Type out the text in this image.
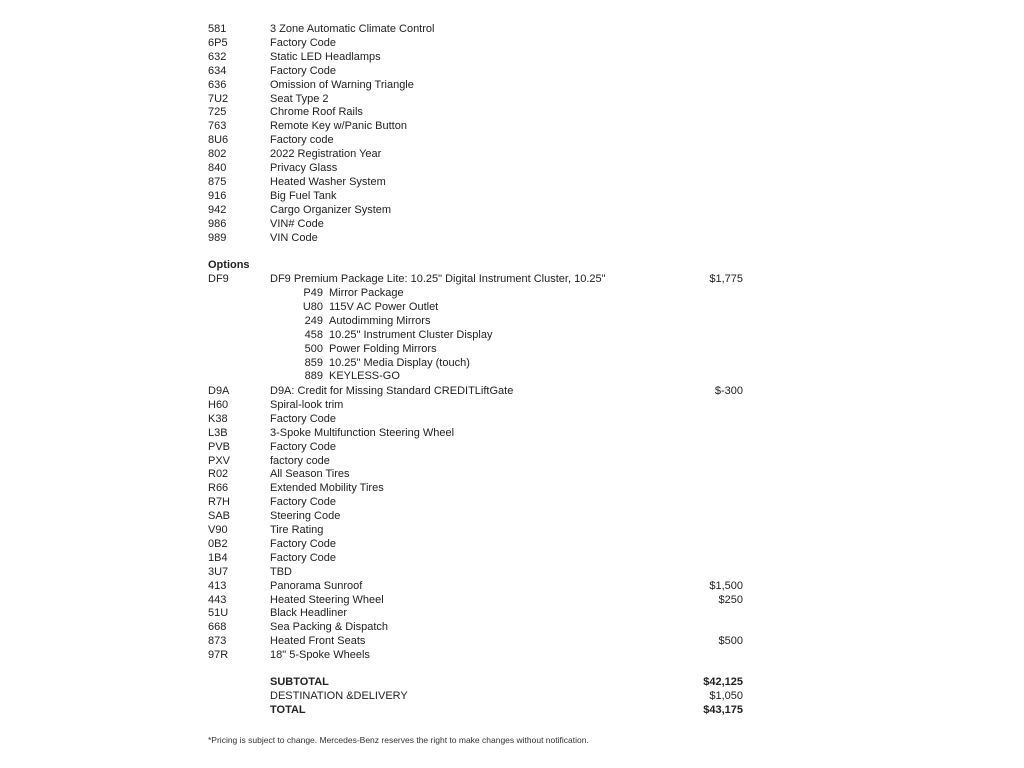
581	3 Zone Automatic Climate Control
6P5	Factory Code
632	Static LED Headlamps
634	Factory Code
636	Omission of Warning Triangle
7U2	Seat Type 2
725	Chrome Roof Rails
763	Remote Key w/Panic Button
8U6	Factory code
802	2022 Registration Year
840	Privacy Glass
875	Heated Washer System
916	Big Fuel Tank
942	Cargo Organizer System
986	VIN# Code
989	VIN Code
Options
DF9	DF9 Premium Package Lite: 10.25" Digital Instrument Cluster, 10.25"	$1,775
P49 Mirror Package
U80 115V AC Power Outlet
249 Autodimming Mirrors
458 10.25" Instrument Cluster Display
500 Power Folding Mirrors
859 10.25" Media Display (touch)
889 KEYLESS-GO
D9A	D9A: Credit for Missing Standard CREDITLiftGate	$-300
H60	Spiral-look trim
K38	Factory Code
L3B	3-Spoke Multifunction Steering Wheel
PVB	Factory Code
PXV	factory code
R02	All Season Tires
R66	Extended Mobility Tires
R7H	Factory Code
SAB	Steering Code
V90	Tire Rating
0B2	Factory Code
1B4	Factory Code
3U7	TBD
413	Panorama Sunroof	$1,500
443	Heated Steering Wheel	$250
51U	Black Headliner
668	Sea Packing & Dispatch
873	Heated Front Seats	$500
97R	18" 5-Spoke Wheels
SUBTOTAL	$42,125
DESTINATION &DELIVERY	$1,050
TOTAL	$43,175
*Pricing is subject to change. Mercedes-Benz reserves the right to make changes without notification.
